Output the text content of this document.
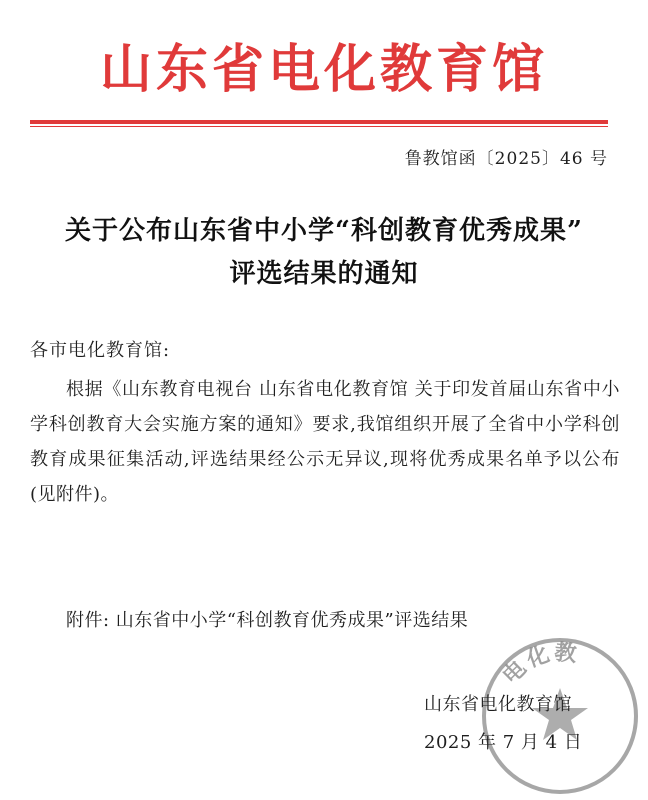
山东省电化教育馆
鲁教馆函〔2025〕46 号
关于公布山东省中小学“科创教育优秀成果”
评选结果的通知
各市电化教育馆:

根据《山东教育电视台 山东省电化教育馆 关于印发首届山东省中小学科创教育大会实施方案的通知》要求,我馆组织开展了全省中小学科创教育成果征集活动,评选结果经公示无异议,现将优秀成果名单予以公布(见附件)。

附件: 山东省中小学“科创教育优秀成果”评选结果
电化教
山东省电化教育馆
2025 年 7 月 4 日
